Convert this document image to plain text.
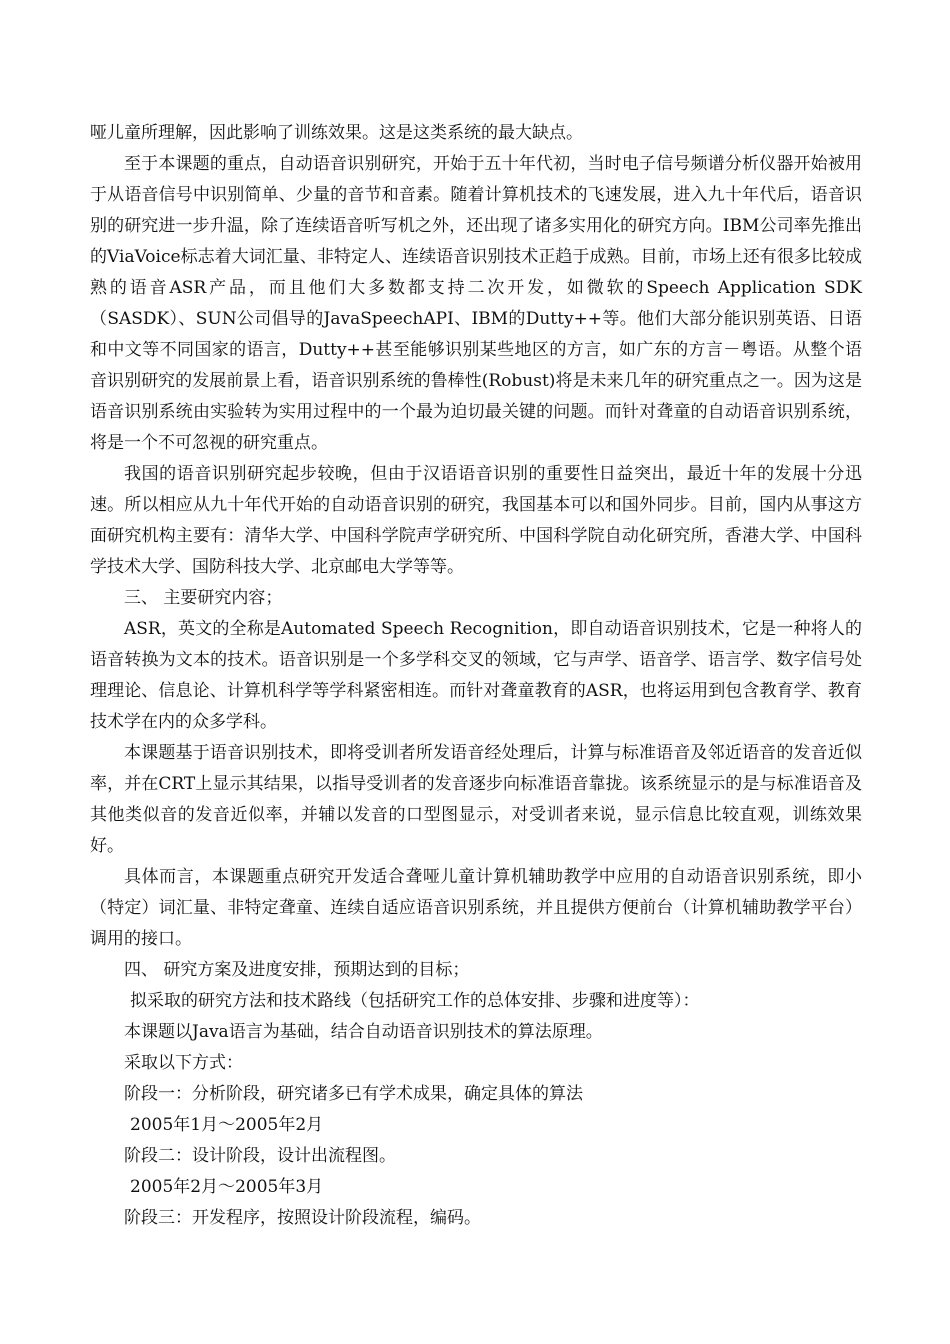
哑儿童所理解，因此影响了训练效果。这是这类系统的最大缺点。

至于本课题的重点，自动语音识别研究，开始于五十年代初，当时电子信号频谱分析仪器开始被用于从语音信号中识别简单、少量的音节和音素。随着计算机技术的飞速发展，进入九十年代后，语音识别的研究进一步升温，除了连续语音听写机之外，还出现了诸多实用化的研究方向。IBM公司率先推出的ViaVoice标志着大词汇量、非特定人、连续语音识别技术正趋于成熟。目前，市场上还有很多比较成熟的语音ASR产品，而且他们大多数都支持二次开发，如微软的Speech Application SDK（SASDK）、SUN公司倡导的JavaSpeechAPI、IBM的Dutty++等。他们大部分能识别英语、日语和中文等不同国家的语言，Dutty++甚至能够识别某些地区的方言，如广东的方言－粤语。从整个语音识别研究的发展前景上看，语音识别系统的鲁棒性(Robust)将是未来几年的研究重点之一。因为这是语音识别系统由实验转为实用过程中的一个最为迫切最关键的问题。而针对聋童的自动语音识别系统，将是一个不可忽视的研究重点。

我国的语音识别研究起步较晚，但由于汉语语音识别的重要性日益突出，最近十年的发展十分迅速。所以相应从九十年代开始的自动语音识别的研究，我国基本可以和国外同步。目前，国内从事这方面研究机构主要有：清华大学、中国科学院声学研究所、中国科学院自动化研究所，香港大学、中国科学技术大学、国防科技大学、北京邮电大学等等。

三、 主要研究内容；

ASR，英文的全称是Automated Speech Recognition，即自动语音识别技术，它是一种将人的语音转换为文本的技术。语音识别是一个多学科交叉的领域，它与声学、语音学、语言学、数字信号处理理论、信息论、计算机科学等学科紧密相连。而针对聋童教育的ASR，也将运用到包含教育学、教育技术学在内的众多学科。

本课题基于语音识别技术，即将受训者所发语音经处理后，计算与标准语音及邻近语音的发音近似率，并在CRT上显示其结果，以指导受训者的发音逐步向标准语音靠拢。该系统显示的是与标准语音及其他类似音的发音近似率，并辅以发音的口型图显示，对受训者来说，显示信息比较直观，训练效果好。

具体而言，本课题重点研究开发适合聋哑儿童计算机辅助教学中应用的自动语音识别系统，即小（特定）词汇量、非特定聋童、连续自适应语音识别系统，并且提供方便前台（计算机辅助教学平台）调用的接口。

四、 研究方案及进度安排，预期达到的目标；

拟采取的研究方法和技术路线（包括研究工作的总体安排、步骤和进度等）：

本课题以Java语言为基础，结合自动语音识别技术的算法原理。

采取以下方式：

阶段一：分析阶段，研究诸多已有学术成果，确定具体的算法

2005年1月～2005年2月

阶段二：设计阶段，设计出流程图。

2005年2月～2005年3月

阶段三：开发程序，按照设计阶段流程，编码。
